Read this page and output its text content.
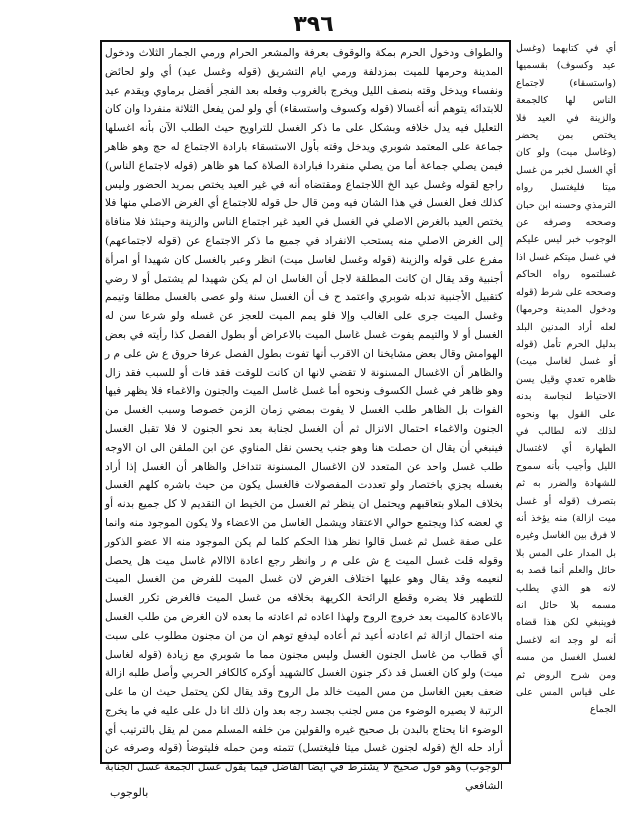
٣٩٦
والطواف ودخول الحرم بمكة والوقوف بعرفة والمشعر الحرام ورمي الجمار الثلاث ودخول المدينة وحرمها للميت بمزدلفة ورمي ايام التشريق (قوله وغسل عيد) أي ولو لحائض ونفساء ويدخل وقته بنصف الليل ويخرج بالغروب وفعله بعد الفجر أفضل برماوي ويقدم عيد للابتدائه يتوهم أنه أغسالا (قوله وكسوف واستسقاء) أي ولو لمن يفعل الثلاثة منفردا وان كان التعليل فيه يدل خلافه وبشكل على ما ذكر الغسل للتراويح حيث الطلب الآن بأنه اغسلها جماعة على المعتمد شوبري ويدخل وقته بأول الاستسقاء بارادة الاجتماع له حج وهو ظاهر فيمن يصلي جماعة أما من يصلي منفردا فبارادة الصلاة كما هو ظاهر (قوله لاجتماع الناس) راجع لقوله وغسل عيد الخ اللاجتماع ومقتضاه أنه في غير العيد يختص بمريد الحضور وليس كذلك فعل الغسل في هذا الشان فيه ومن قال حل قوله للاجتماع أي الغرض الاصلي منها فلا يختص العيد بالغرض الاصلي في الغسل في العيد غير اجتماع الناس والزينة وحينئذ فلا منافاة إلى الغرض الاصلي منه يستحب الانفراد في جميع ما ذكر الاجتماع عن (قوله لاجتماعهم) مفرع على قوله والزينة (قوله وغسل لغاسل ميت) انظر وعبر بالغسل كان شهيدا أو امرأة أجنبية وقد يقال ان كانت المطلقة لاجل أن الغاسل ان لم يكن شهيدا لم يشتمل أو لا رضي كتقبيل الأجنبية تدبله شوبري واعتمد ح ف أن الغسل سنة ولو عصى بالغسل مطلقا وتيمم وغسل الميت جرى على الغالب وإلا فلو يمم الميت للعجز عن غسله ولو شرعا سن له الغسل أو لا والتيمم يفوت غسل غاسل الميت بالاعراض أو بطول الفصل كذا رأيته في بعض الهوامش وقال بعض مشايخنا ان الاقرب أنها تفوت بطول الفصل عرفا حروق ع ش على م ر والظاهر أن الاغسال المسنونة لا تقضي لانها ان كانت للوقت فقد فات أو للسبب فقد زال وهو ظاهر في غسل الكسوف ونحوه أما غسل غاسل الميت والجنون والاغماء فلا يظهر فيها الفوات بل الظاهر طلب الغسل لا يفوت بمضي زمان الزمن خصوصا وسبب الغسل من الجنون والاغماء احتمال الانزال ثم أن الغسل لجنابة بعد نحو الجنون لا فلا تقبل الغسل فينبغي أن يقال ان حصلت هنا وهو جنب يحسن نقل المناوي عن ابن الملقن الى ان الاوجه طلب غسل واحد عن المتعدد لان الاغسال المسنونة تتداخل والظاهر أن الغسل إذا أراد بغسله يجزي باختصار ولو تعددت المفصولات فالغسل يكون من حيث باشره كلهم الغسل بخلاف الملاو بتعاقبهم ويحتمل ان ينظر ثم الغسل من الخيط ان التقديم لا كل جميع بدنه أو ي لعضه كذا ويجتمع حوالي الاعتقاد ويشمل الغاسل من الاعضاء ولا يكون الموجود منه وانما على صفة غسل ثم غسل قالوا نظر هذا الحكم كلما لم يكن الموجود منه الا عضو الذكور وقوله قلت غسل الميت ع ش على م ر وانظر رجع اعادة الاالام غاسل ميت هل يحصل لنعيمه وقد يقال وهو عليها اختلاف الغرض لان غسل الميت للفرض من الغسل الميت للتطهير فلا يضره وقطع الرائحة الكريهة بخلافه من غسل الميت فالغرض تكرر الغسل بالاعادة كالميت بعد خروج الروح ولهذا اعاده ثم اعادته ما بعده لان الغرض من طلب الغسل منه احتمال ازالة ثم اعادته أعيد ثم أعاده ليدفع توهم ان من ان مجنون مطلوب على سبت أي قطاب من غاسل الجنون الغسل وليس مجنون مما ما شوبري مع زيادة (قوله لغاسل ميت) ولو كان الغسل قد ذكر جنون الغسل كالشهيد أوكره كالكافر الحربي وأصل طلبه ازالة ضعف بعين الغاسل من مس الميت خالد مل الروح وقد يقال لكن يحتمل حيث ان ما على الرتبة لا يصيره الوضوء من مس لجنب بجسد رجه بعد وان ذلك انا دل على عليه في ما يخرج الوضوء انا يحتاج بالبدن بل صحيح غيره والقولين من خلفه المسلم ممن لم يقل بالترتيب أي أراد حله الخ (قوله لجنون غسل ميتا فليغتسل) تتمته ومن حمله فليتوضأ (قوله وصرفه عن الوجوب) وهو قول صحيح لا يشترط في ايضا الفاضل فيما يقول غسل الجمعة غسل الجنابة الشافعي
أي في كتابهما (وغسل عيد وكسوف) بقسميها (واستسقاء) لاجتماع الناس لها كالجمعة والزينة في العيد فلا يختص بمن يحضر (وغاسل ميت) ولو كان أي الغسل لخبر من غسل ميتا فليغتسل رواه الترمذي وحسنه ابن حبان وصححه وصرفه عن الوجوب خبر ليس عليكم في غسل ميتكم غسل اذا غسلتموه رواه الحاكم وصححه على شرط (قوله ودخول المدينة وحرمها) لعله أراد المدنين البلد بدليل الحرم تأمل (قوله أو غسل لغاسل ميت) ظاهره تعدي وقيل يسن الاحتياط لنجاسة بدنه على القول بها ونحوه لذلك لانه لطالب في الطهارة أي لاغتسال الليل وأجيب بأنه سموح للشهادة والضرر به ثم بتصرف (قوله أو غسل ميت ازالة) منه يؤخذ أنه لا فرق بين الغاسل وغيره بل المدار على المس بلا حائل والعلم أنما قصد به لانه هو الذي يطلب مسمه بلا حائل انه فوينبغي لكن هذا قضاه أنه لو وجد انه لاغسل لغسل الغسل من مسه ومن شرح الروض ثم على قياس المس على الجماع
بالوجوب
